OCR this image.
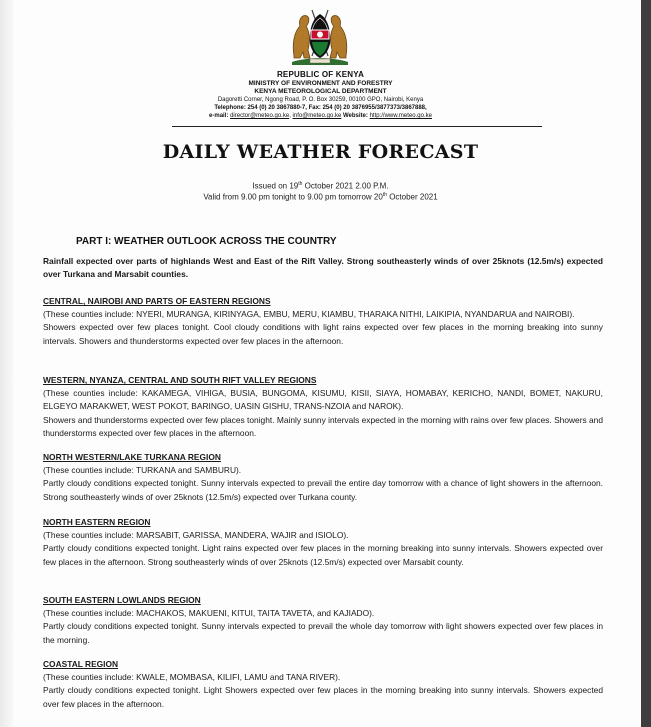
REPUBLIC OF KENYA
MINISTRY OF ENVIRONMENT AND FORESTRY
KENYA METEOROLOGICAL DEPARTMENT
Dagoretti Corner, Ngong Road, P. O. Box 30259, 00100 GPO, Nairobi, Kenya
Telephone: 254 (0) 20 3867880-7, Fax: 254 (0) 20 3876955/3877373/3867888,
e-mail: director@meteo.go.ke, info@meteo.go.ke Website: http://www.meteo.go.ke
DAILY WEATHER FORECAST
Issued on 19th October 2021 2.00 P.M.
Valid from 9.00 pm tonight to 9.00 pm tomorrow 20th October 2021
PART I: WEATHER OUTLOOK ACROSS THE COUNTRY
Rainfall expected over parts of highlands West and East of the Rift Valley. Strong southeasterly winds of over 25knots (12.5m/s) expected over Turkana and Marsabit counties.
CENTRAL, NAIROBI AND PARTS OF EASTERN REGIONS
(These counties include: NYERI, MURANGA, KIRINYAGA, EMBU, MERU, KIAMBU, THARAKA NITHI, LAIKIPIA, NYANDARUA and NAIROBI).
Showers expected over few places tonight. Cool cloudy conditions with light rains expected over few places in the morning breaking into sunny intervals. Showers and thunderstorms expected over few places in the afternoon.
WESTERN, NYANZA, CENTRAL AND SOUTH RIFT VALLEY REGIONS
(These counties include: KAKAMEGA, VIHIGA, BUSIA, BUNGOMA, KISUMU, KISII, SIAYA, HOMABAY, KERICHO, NANDI, BOMET, NAKURU, ELGEYO MARAKWET, WEST POKOT, BARINGO, UASIN GISHU, TRANS-NZOIA and NAROK).
Showers and thunderstorms expected over few places tonight. Mainly sunny intervals expected in the morning with rains over few places. Showers and thunderstorms expected over few places in the afternoon.
NORTH WESTERN/LAKE TURKANA REGION
(These counties include: TURKANA and SAMBURU).
Partly cloudy conditions expected tonight. Sunny intervals expected to prevail the entire day tomorrow with a chance of light showers in the afternoon. Strong southeasterly winds of over 25knots (12.5m/s) expected over Turkana county.
NORTH EASTERN REGION
(These counties include: MARSABIT, GARISSA, MANDERA, WAJIR and ISIOLO).
Partly cloudy conditions expected tonight. Light rains expected over few places in the morning breaking into sunny intervals. Showers expected over few places in the afternoon. Strong southeasterly winds of over 25knots (12.5m/s) expected over Marsabit county.
SOUTH EASTERN LOWLANDS REGION
(These counties include: MACHAKOS, MAKUENI, KITUI, TAITA TAVETA, and KAJIADO).
Partly cloudy conditions expected tonight. Sunny intervals expected to prevail the whole day tomorrow with light showers expected over few places in the morning.
COASTAL REGION
(These counties include: KWALE, MOMBASA, KILIFI, LAMU and TANA RIVER).
Partly cloudy conditions expected tonight. Light Showers expected over few places in the morning breaking into sunny intervals. Showers expected over few places in the afternoon.
